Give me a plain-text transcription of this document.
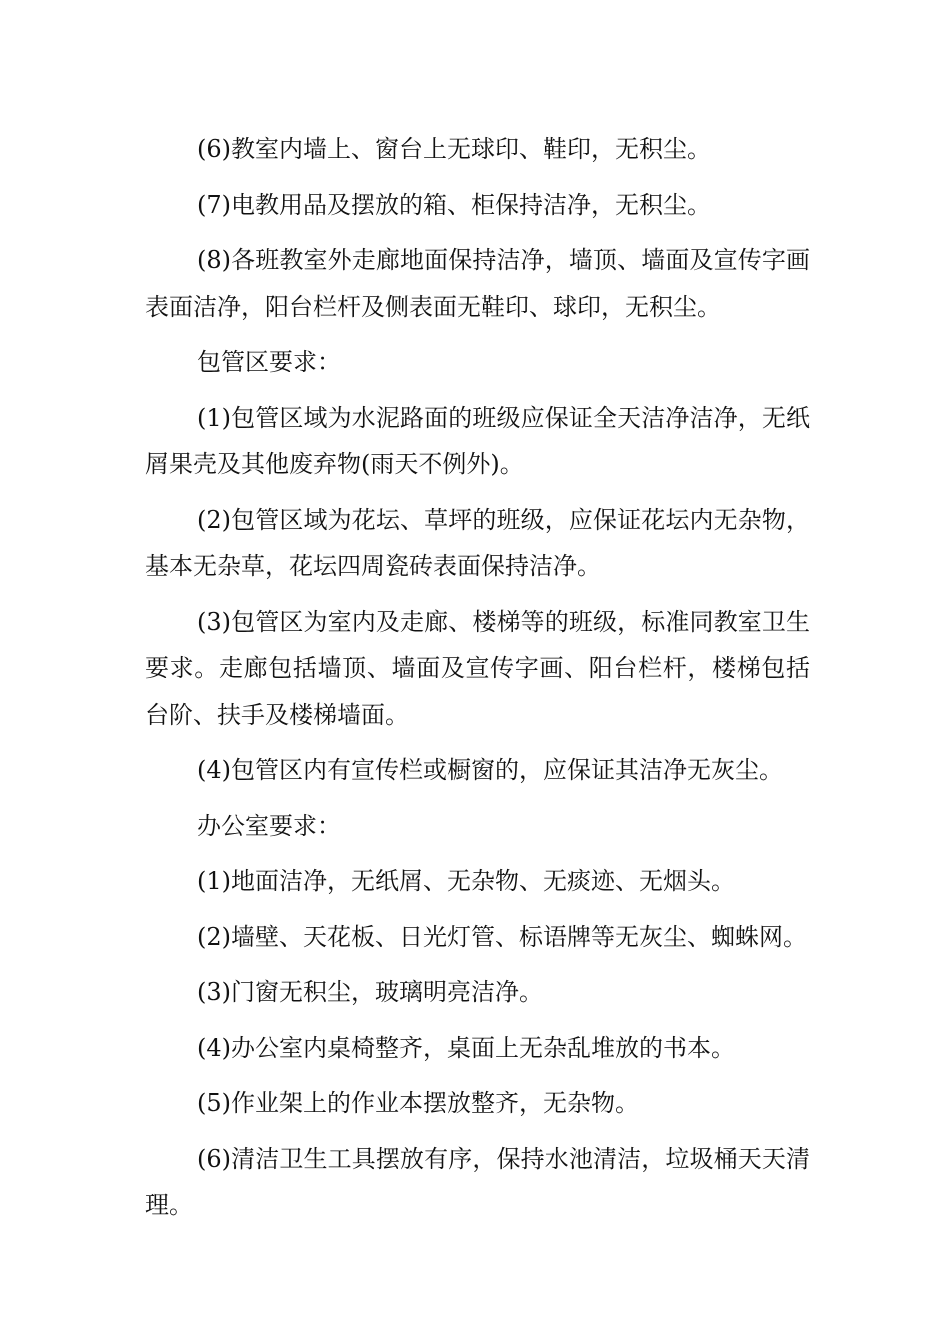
(6)教室内墙上、窗台上无球印、鞋印，无积尘。

(7)电教用品及摆放的箱、柜保持洁净，无积尘。

(8)各班教室外走廊地面保持洁净，墙顶、墙面及宣传字画表面洁净，阳台栏杆及侧表面无鞋印、球印，无积尘。

包管区要求：

(1)包管区域为水泥路面的班级应保证全天洁净洁净，无纸屑果壳及其他废弃物(雨天不例外)。

(2)包管区域为花坛、草坪的班级，应保证花坛内无杂物，基本无杂草，花坛四周瓷砖表面保持洁净。

(3)包管区为室内及走廊、楼梯等的班级，标准同教室卫生要求。走廊包括墙顶、墙面及宣传字画、阳台栏杆，楼梯包括台阶、扶手及楼梯墙面。

(4)包管区内有宣传栏或橱窗的，应保证其洁净无灰尘。

办公室要求：

(1)地面洁净，无纸屑、无杂物、无痰迹、无烟头。

(2)墙壁、天花板、日光灯管、标语牌等无灰尘、蜘蛛网。

(3)门窗无积尘，玻璃明亮洁净。

(4)办公室内桌椅整齐，桌面上无杂乱堆放的书本。

(5)作业架上的作业本摆放整齐，无杂物。

(6)清洁卫生工具摆放有序，保持水池清洁，垃圾桶天天清理。
